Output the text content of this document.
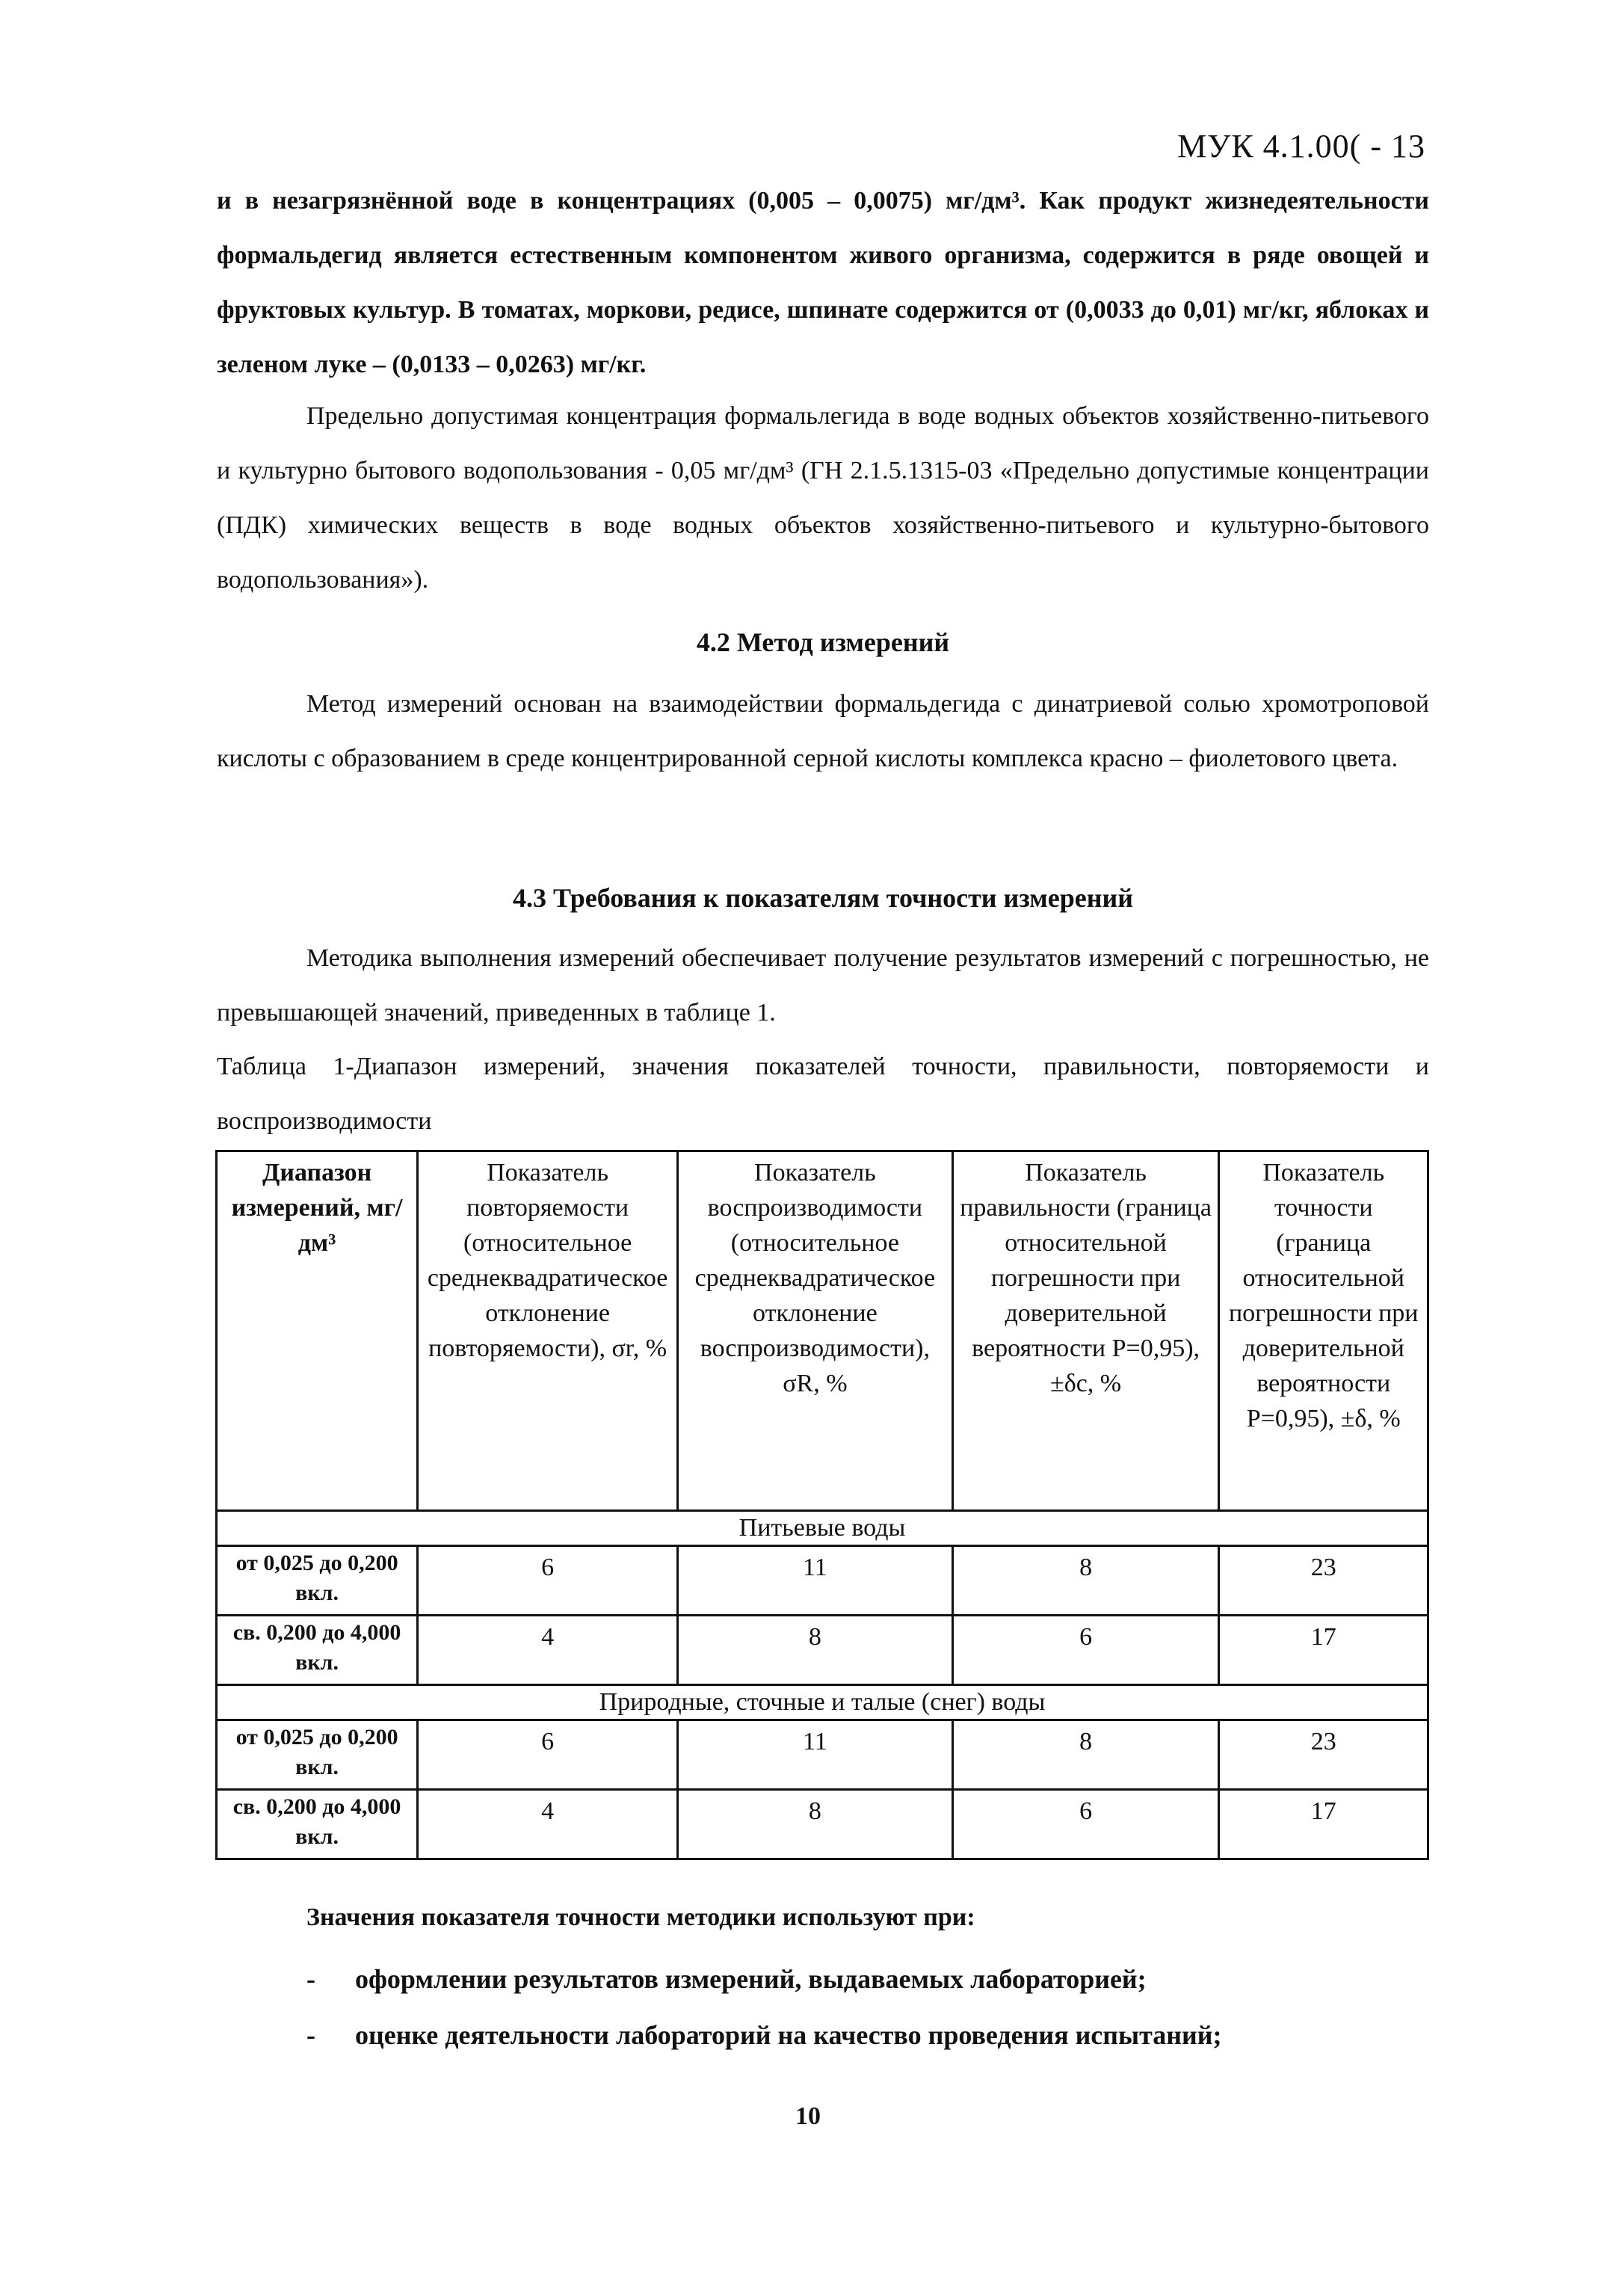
МУК 4.1.00( - 13

и в незагрязнённой воде в концентрациях (0,005 – 0,0075) мг/дм³. Как продукт жизнедеятельности формальдегид является естественным компонентом живого организма, содержится в ряде овощей и фруктовых культур. В томатах, моркови, редисе, шпинате содержится от (0,0033 до 0,01) мг/кг, яблоках и зеленом луке – (0,0133 – 0,0263) мг/кг.

Предельно допустимая концентрация формальлегида в воде водных объектов хозяйственно-питьевого и культурно бытового водопользования - 0,05 мг/дм³ (ГН 2.1.5.1315-03 «Предельно допустимые концентрации (ПДК) химических веществ в воде водных объектов хозяйственно-питьевого и культурно-бытового водопользования»).

4.2 Метод измерений

Метод измерений основан на взаимодействии формальдегида с динатриевой солью хромотроповой кислоты с образованием в среде концентрированной серной кислоты комплекса красно – фиолетового цвета.

4.3 Требования к показателям точности измерений

Методика выполнения измерений обеспечивает получение результатов измерений с погрешностью, не превышающей значений, приведенных в таблице 1.

Таблица 1-Диапазон измерений, значения показателей точности, правильности, повторяемости и воспроизводимости
Диапазон измерений, мг/дм³	Показатель повторяемости (относительное среднеквадратическое отклонение повторяемости), σr, %	Показатель воспроизводимости (относительное среднеквадратическое отклонение воспроизводимости), σR, %	Показатель правильности (граница относительной погрешности при доверительной вероятности P=0,95), ±δc, %	Показатель точности (граница относительной погрешности при доверительной вероятности P=0,95), ±δ, %
Питьевые воды				
от 0,025 до 0,200 вкл.	6	11	8	23
св. 0,200 до 4,000 вкл.	4	8	6	17
Природные, сточные и талые (снег) воды				
от 0,025 до 0,200 вкл.	6	11	8	23
св. 0,200 до 4,000 вкл.	4	8	6	17
Значения показателя точности методики используют при:
- оформлении результатов измерений, выдаваемых лабораторией;
- оценке деятельности лабораторий на качество проведения испытаний;
10
